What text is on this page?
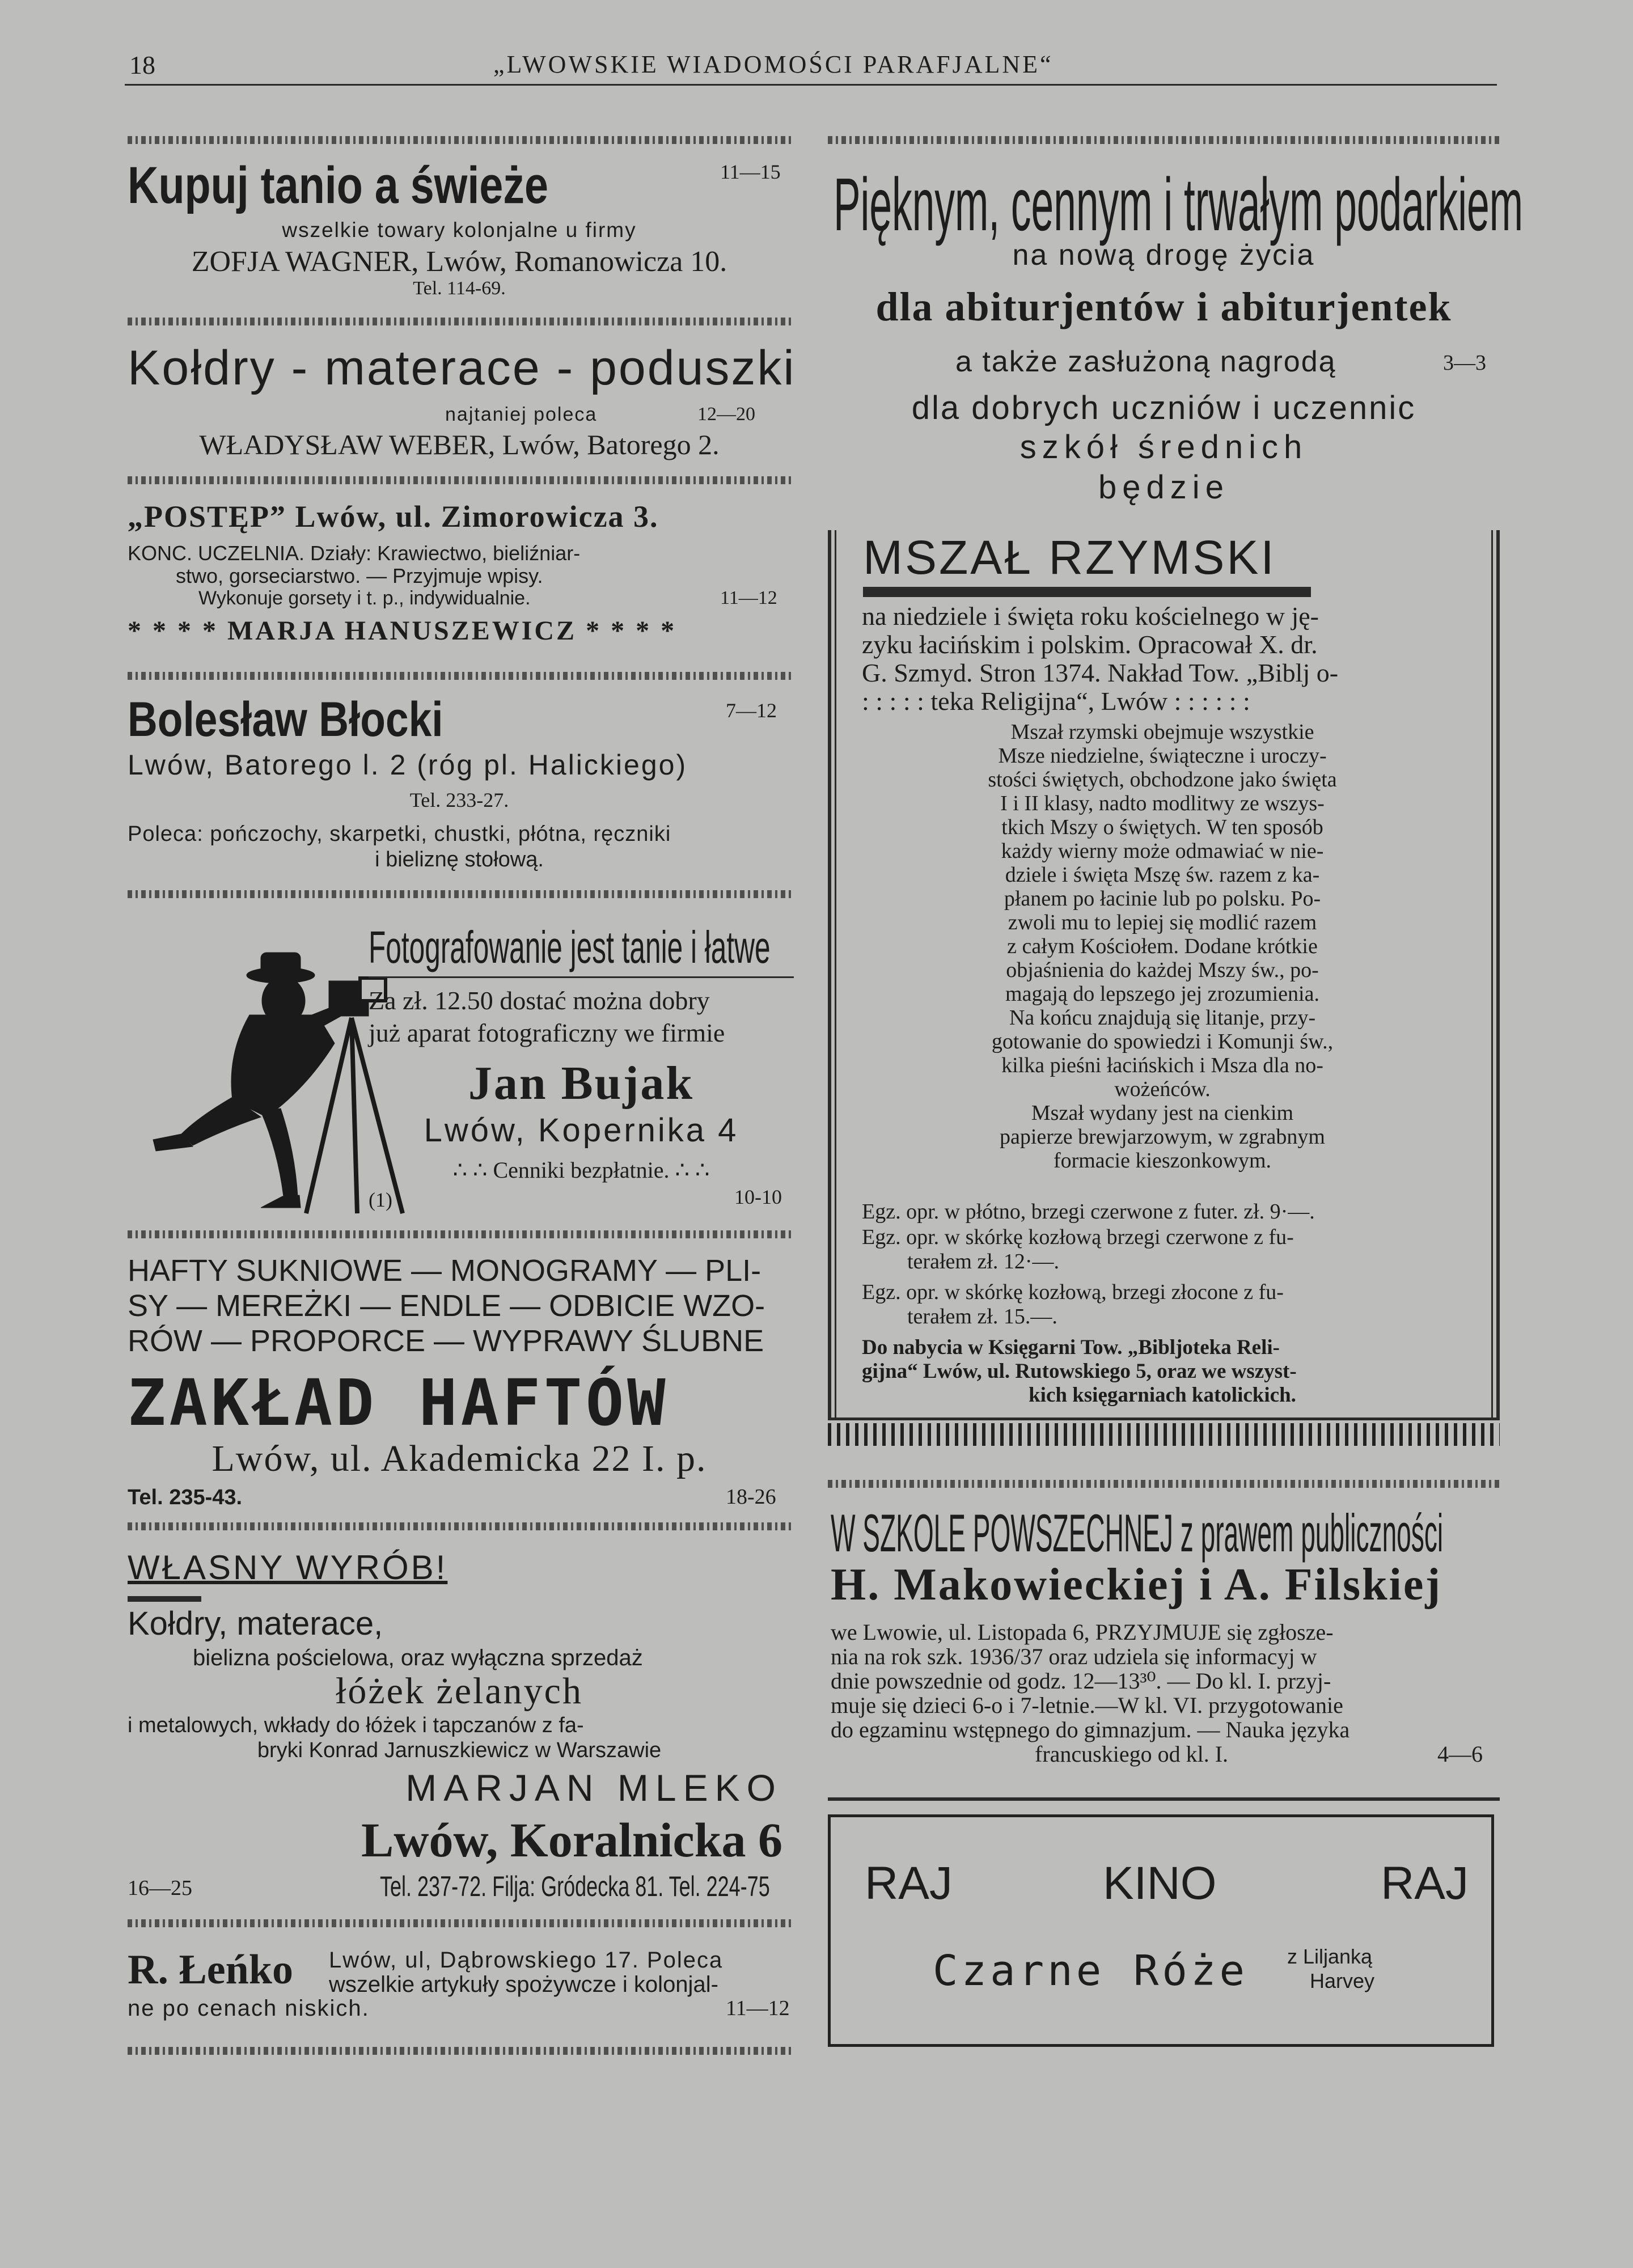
18	„LWOWSKIE WIADOMOŚCI PARAFJALNE“
Kupuj tanio a świeże	11—15
wszelkie towary kolonjalne u firmy
ZOFJA WAGNER, Lwów, Romanowicza 10.
Tel. 114-69.
Kołdry - materace - poduszki
najtaniej poleca	12—20
WŁADYSŁAW WEBER, Lwów, Batorego 2.
„POSTĘP” Lwów, ul. Zimorowicza 3.
KONC. UCZELNIA. Działy: Krawiectwo, bieliźniar-
stwo, gorseciarstwo. — Przyjmuje wpisy.
Wykonuje gorsety i t. p., indywidualnie.	11—12
* * * * MARJA HANUSZEWICZ * * * *
Bolesław Błocki	7—12
Lwów, Batorego l. 2 (róg pl. Halickiego)
Tel. 233-27.
Poleca: pończochy, skarpetki, chustki, płótna, ręczniki
i bieliznę stołową.
Fotografowanie jest tanie i łatwe
Za zł. 12.50 dostać można dobry
już aparat fotograficzny we firmie
Jan Bujak
Lwów, Kopernika 4
∴ ∴ Cenniki bezpłatnie. ∴ ∴
(1)	10-10
HAFTY SUKNIOWE — MONOGRAMY — PLI-
SY — MEREŻKI — ENDLE — ODBICIE WZO-
RÓW — PROPORCE — WYPRAWY ŚLUBNE
ZAKŁAD HAFTÓW
Lwów, ul. Akademicka 22 I. p.
Tel. 235-43.	18-26
WŁASNY WYRÓB!
Kołdry, materace,
bielizna pościelowa, oraz wyłączna sprzedaż
łóżek żelanych
i metalowych, wkłady do łóżek i tapczanów z fa-
bryki Konrad Jarnuszkiewicz w Warszawie
MARJAN MLEKO
Lwów, Koralnicka 6
16—25	Tel. 237-72. Filja: Gródecka 81. Tel. 224-75
R. Łeńko Lwów, ul, Dąbrowskiego 17. Poleca
wszelkie artykuły spożywcze i kolonjal-
ne po cenach niskich.	11—12
Pięknym, cennym i trwałym podarkiem
na nową drogę życia
dla abiturjentów i abiturjentek
a także zasłużoną nagrodą	3—3
dla dobrych uczniów i uczennic
szkół średnich
będzie
MSZAŁ RZYMSKI
na niedziele i święta roku kościelnego w ję-
zyku łacińskim i polskim. Opracował X. dr.
G. Szmyd. Stron 1374. Nakład Tow. „Biblj o-
: : : : : teka Religijna“, Lwów : : : : : :
Mszał rzymski obejmuje wszystkie
Msze niedzielne, świąteczne i uroczy-
stości świętych, obchodzone jako święta
I i II klasy, nadto modlitwy ze wszys-
tkich Mszy o świętych. W ten sposób
każdy wierny może odmawiać w nie-
dziele i święta Mszę św. razem z ka-
płanem po łacinie lub po polsku. Po-
zwoli mu to lepiej się modlić razem
z całym Kościołem. Dodane krótkie
objaśnienia do każdej Mszy św., po-
magają do lepszego jej zrozumienia.
Na końcu znajdują się litanje, przy-
gotowanie do spowiedzi i Komunji św.,
kilka pieśni łacińskich i Msza dla no-
wożeńców.
Mszał wydany jest na cienkim
papierze brewjarzowym, w zgrabnym
formacie kieszonkowym.
Egz. opr. w płótno, brzegi czerwone z futer. zł. 9·—.
Egz. opr. w skórkę kozłową brzegi czerwone z fu-
terałem zł. 12·—.
Egz. opr. w skórkę kozłową, brzegi złocone z fu-
terałem zł. 15.—.
Do nabycia w Księgarni Tow. „Bibljoteka Reli-
gijna“ Lwów, ul. Rutowskiego 5, oraz we wszyst-
kich księgarniach katolickich.
W SZKOLE POWSZECHNEJ z prawem publiczności
H. Makowieckiej i A. Filskiej
we Lwowie, ul. Listopada 6, PRZYJMUJE się zgłosze-
nia na rok szk. 1936/37 oraz udziela się informacyj w
dnie powszednie od godz. 12—13³⁰. — Do kl. I. przyj-
muje się dzieci 6-o i 7-letnie.—W kl. VI. przygotowanie
do egzaminu wstępnego do gimnazjum. — Nauka języka
francuskiego od kl. I.	4—6
RAJ	KINO	RAJ
Czarne Róże z Liljanką
Harvey
